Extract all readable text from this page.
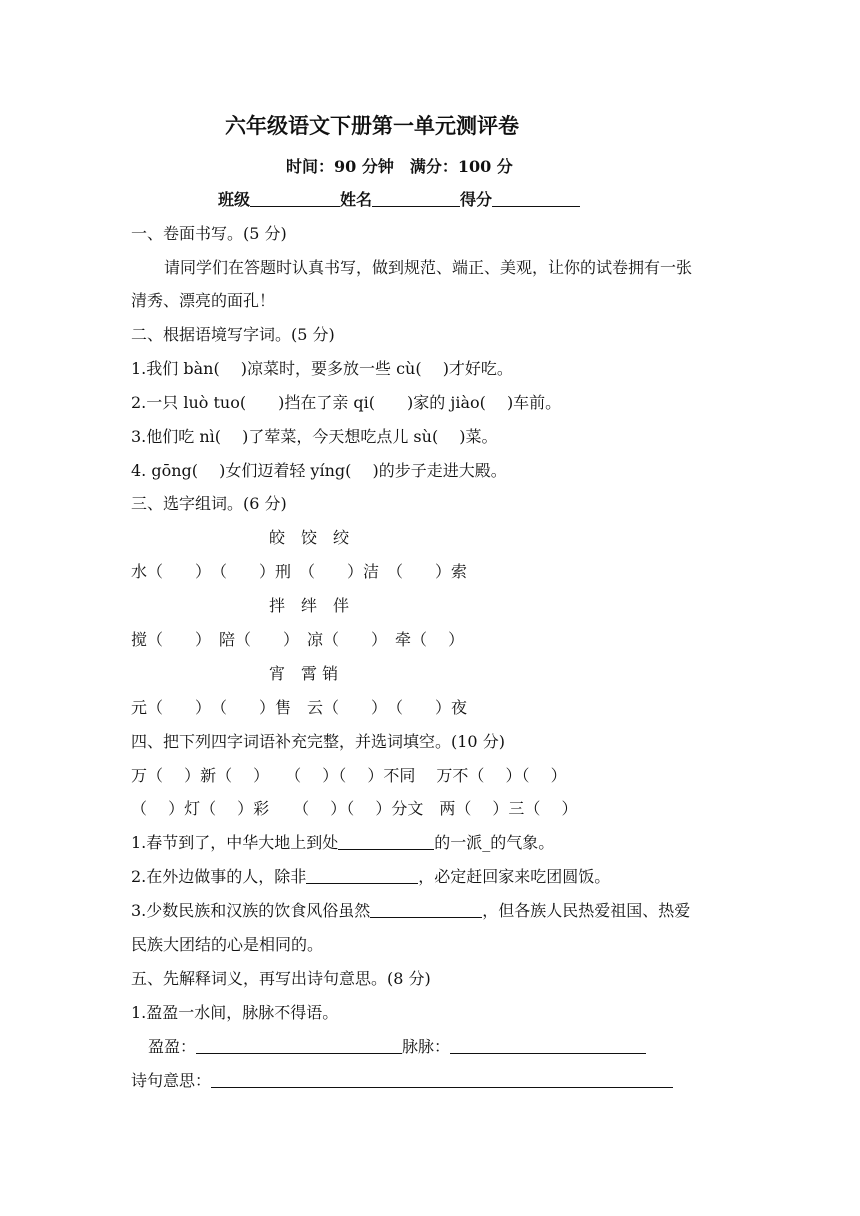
六年级语文下册第一单元测评卷
时间：90 分钟　满分：100 分
班级	姓名	得分
一、卷面书写。(5 分)
请同学们在答题时认真书写，做到规范、端正、美观，让你的试卷拥有一张
清秀、漂亮的面孔！
二、根据语境写字词。(5 分)
1.我们 bàn(　 )凉菜时，要多放一些 cù(　 )才好吃。
2.一只 luò tuo(　　)挡在了亲 qi(　　)家的 jiào(　 )车前。
3.他们吃 nì(　 )了荤菜，今天想吃点儿 sù(　 )菜。
4. gōng(　 )女们迈着轻 yíng(　 )的步子走进大殿。
三、选字组词。(6 分)
皎　饺　绞
水（　　）　（　　）刑　（　　）洁　（　　）索
拌　绊　伴
搅（　　）　陪（　　）　凉（　　）　牵（　 ）
宵　霄 销
元（　　）　（　　）售　云（　　）　（　　）夜
四、把下列四字词语补充完整，并选词填空。(10 分)
万（　 ）新（　 ）　　（　 ）（　 ）不同　 万不（　 ）（　 ）
（　 ）灯（　 ）彩　　（　 ）（　 ）分文　两（　 ）三（　 ）
1.春节到了，中华大地上到处	的一派_的气象。
2.在外边做事的人，除非	，必定赶回家来吃团圆饭。
3.少数民族和汉族的饮食风俗虽然	，但各族人民热爱祖国、热爱
民族大团结的心是相同的。
五、先解释词义，再写出诗句意思。(8 分)
1.盈盈一水间，脉脉不得语。
盈盈：	脉脉：
诗句意思：
